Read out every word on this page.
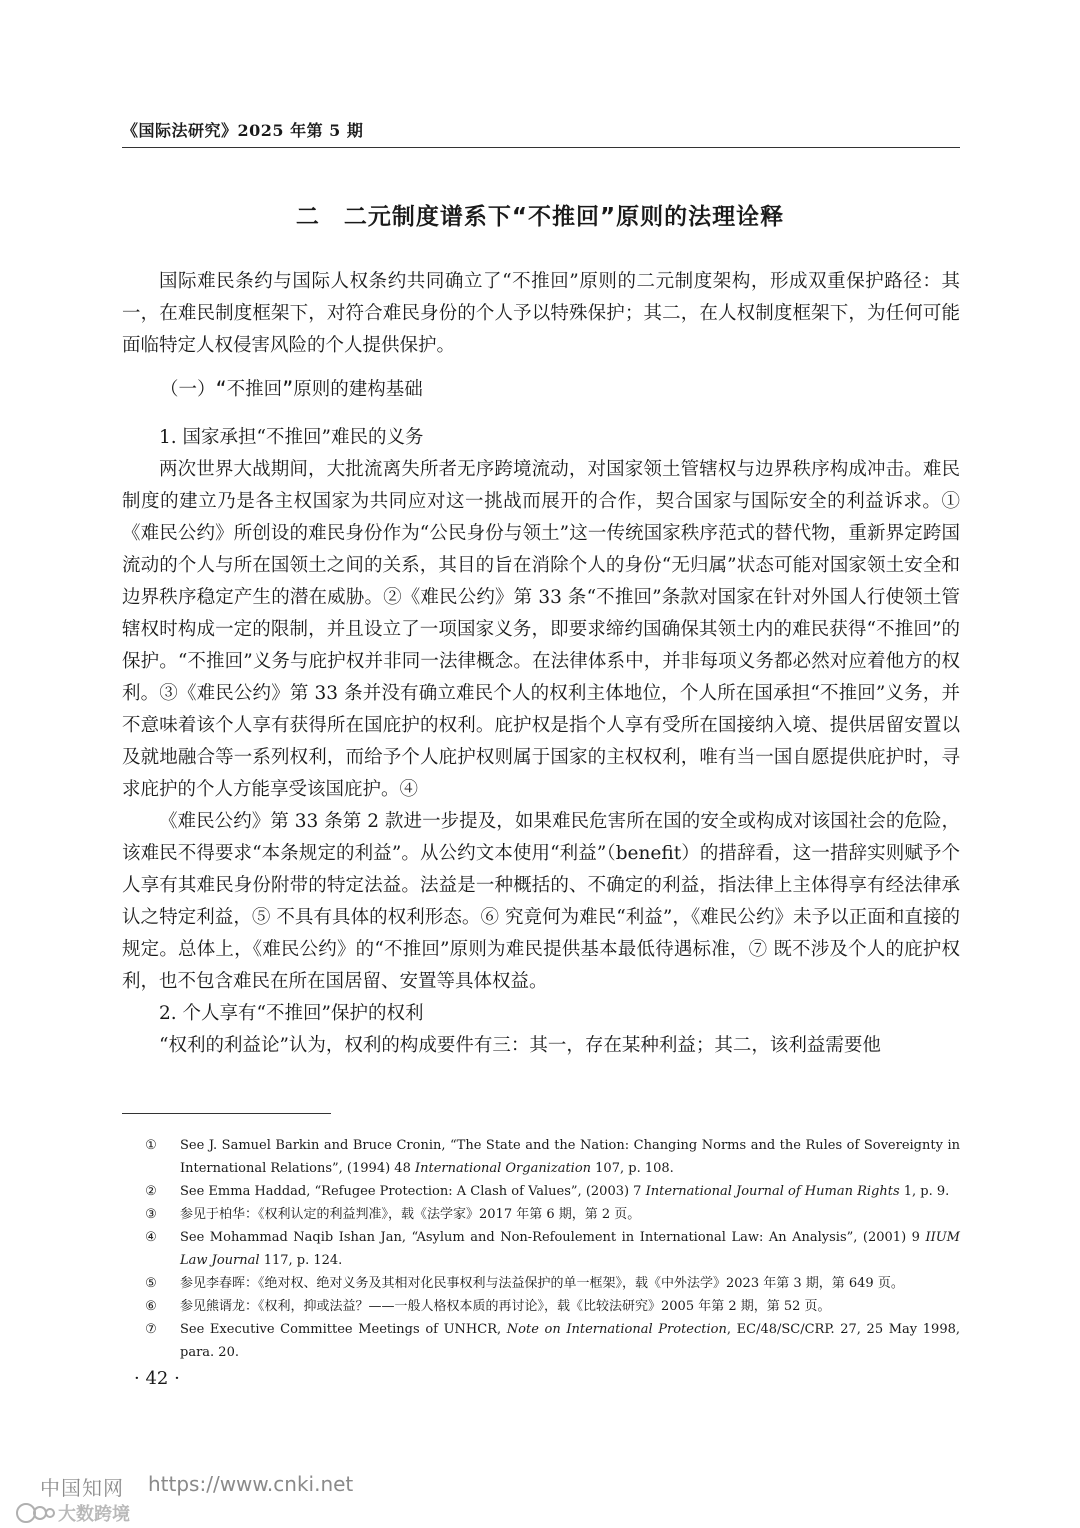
《国际法研究》2025 年第 5 期
二　二元制度谱系下“不推回”原则的法理诠释

国际难民条约与国际人权条约共同确立了“不推回”原则的二元制度架构，形成双重保护路径：其一，在难民制度框架下，对符合难民身份的个人予以特殊保护；其二，在人权制度框架下，为任何可能面临特定人权侵害风险的个人提供保护。

（一）“不推回”原则的建构基础
1. 国家承担“不推回”难民的义务

两次世界大战期间，大批流离失所者无序跨境流动，对国家领土管辖权与边界秩序构成冲击。难民制度的建立乃是各主权国家为共同应对这一挑战而展开的合作，契合国家与国际安全的利益诉求。①《难民公约》所创设的难民身份作为“公民身份与领土”这一传统国家秩序范式的替代物，重新界定跨国流动的个人与所在国领土之间的关系，其目的旨在消除个人的身份“无归属”状态可能对国家领土安全和边界秩序稳定产生的潜在威胁。②《难民公约》第 33 条“不推回”条款对国家在针对外国人行使领土管辖权时构成一定的限制，并且设立了一项国家义务，即要求缔约国确保其领土内的难民获得“不推回”的保护。“不推回”义务与庇护权并非同一法律概念。在法律体系中，并非每项义务都必然对应着他方的权利。③《难民公约》第 33 条并没有确立难民个人的权利主体地位，个人所在国承担“不推回”义务，并不意味着该个人享有获得所在国庇护的权利。庇护权是指个人享有受所在国接纳入境、提供居留安置以及就地融合等一系列权利，而给予个人庇护权则属于国家的主权权利，唯有当一国自愿提供庇护时，寻求庇护的个人方能享受该国庇护。④

《难民公约》第 33 条第 2 款进一步提及，如果难民危害所在国的安全或构成对该国社会的危险，该难民不得要求“本条规定的利益”。从公约文本使用“利益”（benefit）的措辞看，这一措辞实则赋予个人享有其难民身份附带的特定法益。法益是一种概括的、不确定的利益，指法律上主体得享有经法律承认之特定利益，⑤ 不具有具体的权利形态。⑥ 究竟何为难民“利益”，《难民公约》未予以正面和直接的规定。总体上，《难民公约》的“不推回”原则为难民提供基本最低待遇标准，⑦ 既不涉及个人的庇护权利，也不包含难民在所在国居留、安置等具体权益。

2. 个人享有“不推回”保护的权利

“权利的利益论”认为，权利的构成要件有三：其一，存在某种利益；其二，该利益需要他

①	See J. Samuel Barkin and Bruce Cronin, “The State and the Nation: Changing Norms and the Rules of Sovereignty in International Relations”, (1994) 48 International Organization 107, p. 108.
②	See Emma Haddad, “Refugee Protection: A Clash of Values”, (2003) 7 International Journal of Human Rights 1, p. 9.
③	参见于柏华：《权利认定的利益判准》，载《法学家》2017 年第 6 期，第 2 页。
④	See Mohammad Naqib Ishan Jan, “Asylum and Non-Refoulement in International Law: An Analysis”, (2001) 9 IIUM Law Journal 117, p. 124.
⑤	参见李春晖：《绝对权、绝对义务及其相对化民事权利与法益保护的单一框架》，载《中外法学》2023 年第 3 期，第 649 页。
⑥	参见熊谞龙：《权利，抑或法益？——一般人格权本质的再讨论》，载《比较法研究》2005 年第 2 期，第 52 页。
⑦	See Executive Committee Meetings of UNHCR, Note on International Protection, EC/48/SC/CRP. 27, 25 May 1998, para. 20.
· 42 ·
中国知网 https://www.cnki.net
大数跨境
